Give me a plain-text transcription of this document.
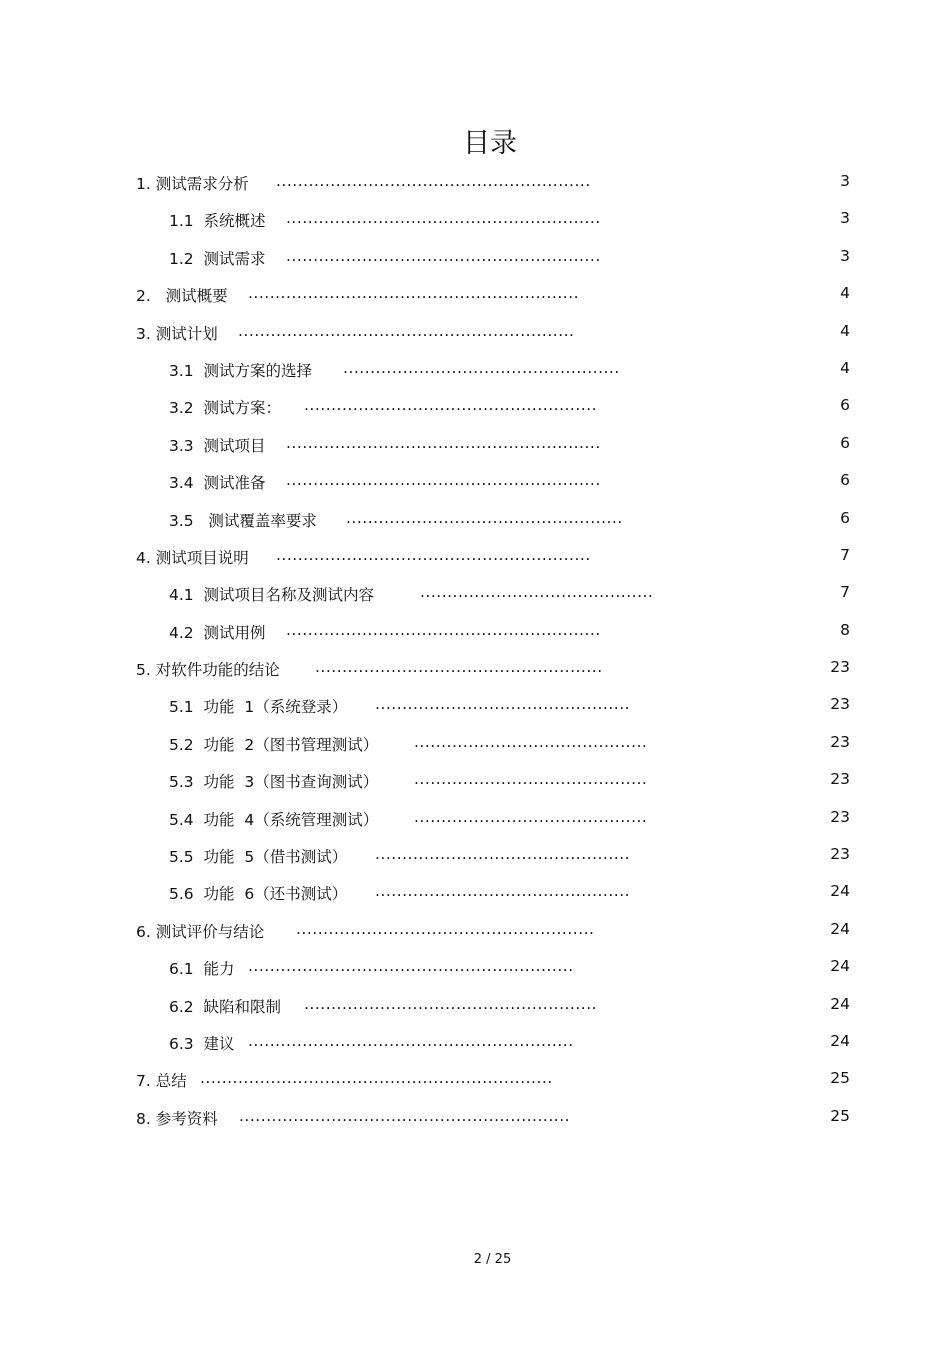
目录
1. 测试需求分析 ..........................................................	3
1.1  系统概述 ..........................................................	3
1.2  测试需求 ..........................................................	3
2.   测试概要 .............................................................	4
3. 测试计划 ..............................................................	4
3.1  测试方案的选择 ...................................................	4
3.2  测试方案： ......................................................	6
3.3  测试项目 ..........................................................	6
3.4  测试准备 ..........................................................	6
3.5   测试覆盖率要求 ...................................................	6
4. 测试项目说明 ..........................................................	7
4.1  测试项目名称及测试内容	...........................................	7
4.2  测试用例 ..........................................................	8
5. 对软件功能的结论 .....................................................	23
5.1  功能  1（系统登录） ...............................................	23
5.2  功能  2（图书管理测试） ...........................................	23
5.3  功能  3（图书查询测试） ...........................................	23
5.4  功能  4（系统管理测试） ...........................................	23
5.5  功能  5（借书测试） ...............................................	23
5.6  功能  6（还书测试） ...............................................	24
6. 测试评价与结论 .......................................................	24
6.1  能力 ............................................................	24
6.2  缺陷和限制 ......................................................	24
6.3  建议 ............................................................	24
7. 总结 .................................................................	25
8. 参考资料 .............................................................	25
2 / 25
